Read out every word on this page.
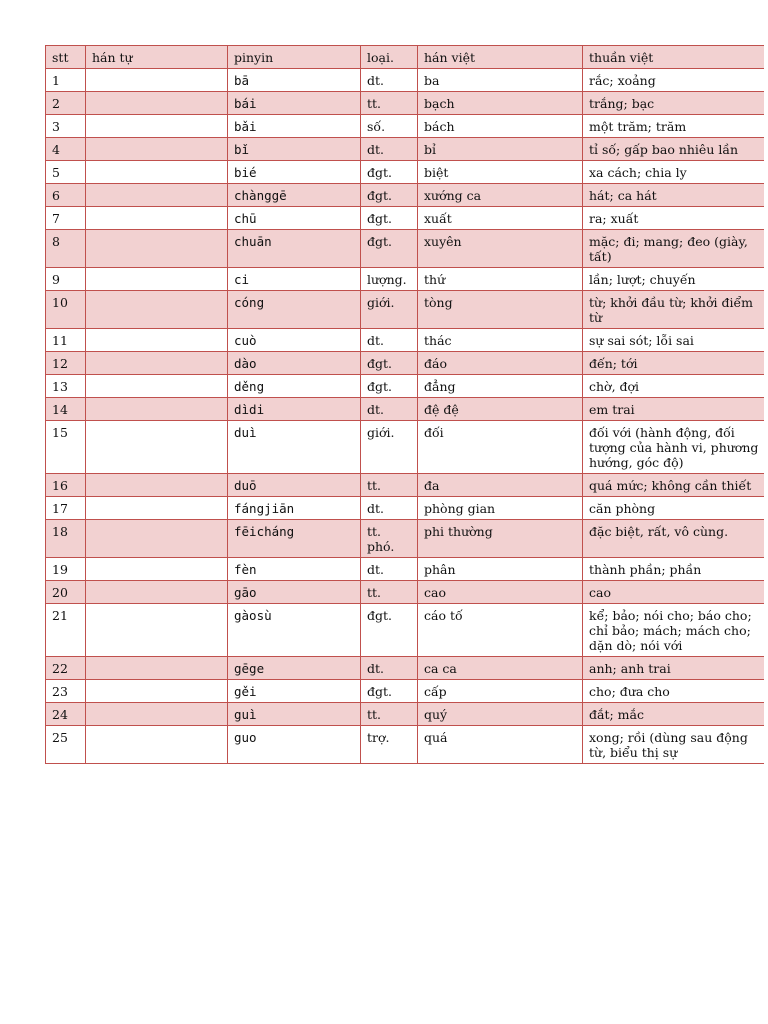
stt	hán tự	pinyin	loại.	hán việt	thuần việt
1		bā	dt.	ba	rắc; xoảng
2		bái	tt.	bạch	trắng; bạc
3		bǎi	số.	bách	một trăm; trăm
4		bǐ	dt.	bỉ	tỉ số; gấp bao nhiêu lần
5		bié	đgt.	biệt	xa cách; chia ly
6		chànggē	đgt.	xướng ca	hát; ca hát
7		chū	đgt.	xuất	ra; xuất
8		chuān	đgt.	xuyên	mặc; đi; mang; đeo (giày, tất)
9		ci	lượng.	thứ	lần; lượt; chuyến
10		cóng	giới.	tòng	từ; khởi đầu từ; khởi điểm từ
11		cuò	dt.	thác	sự sai sót; lỗi sai
12		dào	đgt.	đáo	đến; tới
13		děng	đgt.	đẳng	chờ, đợi
14		dìdi	dt.	đệ đệ	em trai
15		duì	giới.	đối	đối với (hành động, đối tượng của hành vi, phương hướng, góc độ)
16		duō	tt.	đa	quá mức; không cần thiết
17		fángjiān	dt.	phòng gian	căn phòng
18		fēicháng	tt. phó.	phi thường	đặc biệt, rất, vô cùng.
19		fèn	dt.	phân	thành phần; phần
20		gāo	tt.	cao	cao
21		gàosù	đgt.	cáo tố	kể; bảo; nói cho; báo cho; chỉ bảo; mách; mách cho; dặn dò; nói với
22		gēge	dt.	ca ca	anh; anh trai
23		gěi	đgt.	cấp	cho; đưa cho
24		guì	tt.	quý	đắt; mắc
25		guo	trợ.	quá	xong; rồi (dùng sau động từ, biểu thị sự
